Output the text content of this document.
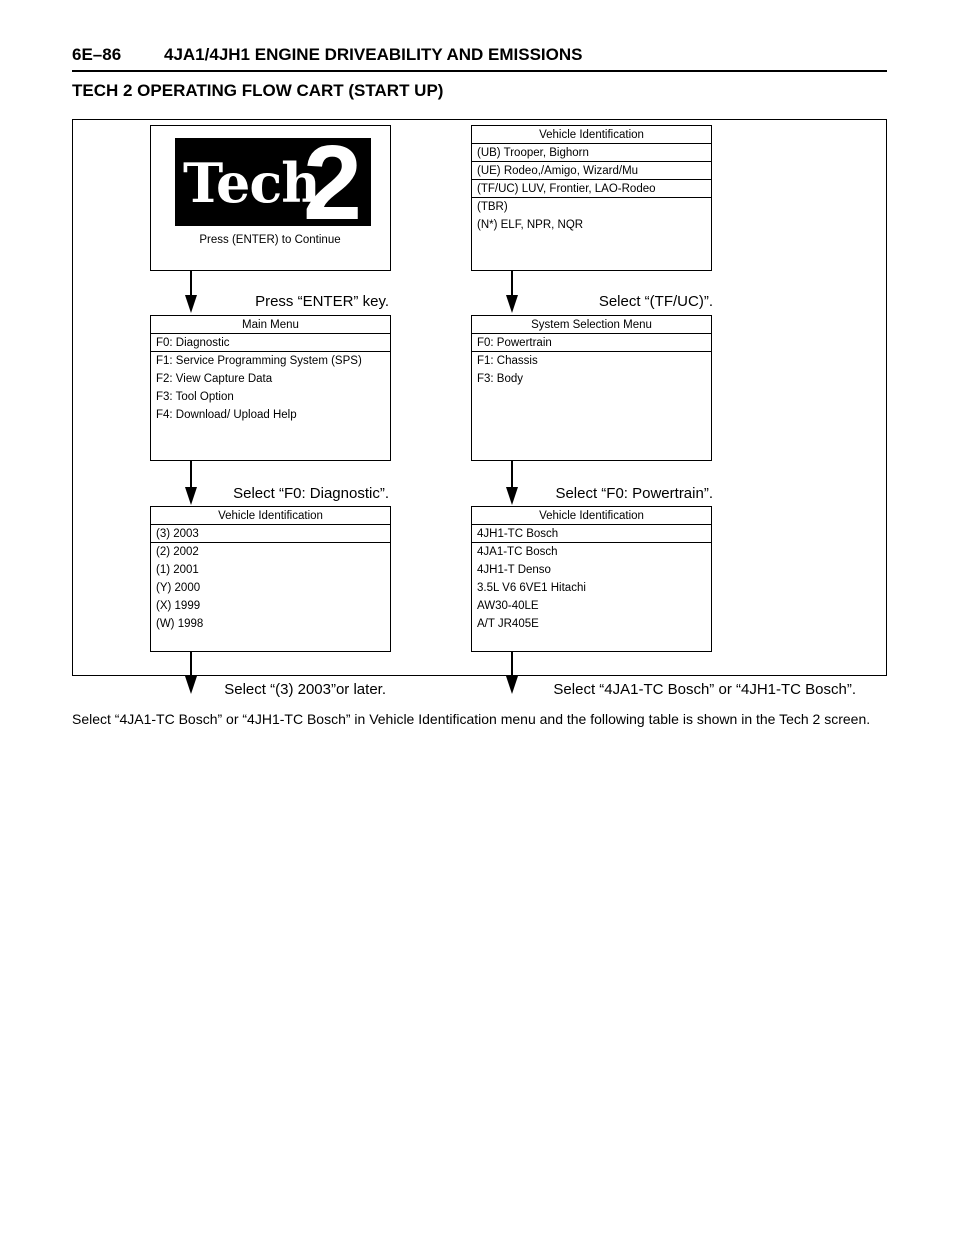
6E–86	4JA1/4JH1 ENGINE DRIVEABILITY AND EMISSIONS
TECH 2 OPERATING FLOW CART (START UP)
Tech
2
Press (ENTER) to Continue
Vehicle Identification
(UB) Trooper, Bighorn
(UE) Rodeo,/Amigo, Wizard/Mu
(TF/UC) LUV, Frontier, LAO-Rodeo
(TBR)
(N*) ELF, NPR, NQR
Press “ENTER” key.	Select “(TF/UC)”.
Main Menu
F0: Diagnostic
F1: Service Programming System (SPS)
F2: View Capture Data
F3: Tool Option
F4: Download/ Upload Help
System Selection Menu
F0: Powertrain
F1: Chassis
F3: Body
Select “F0: Diagnostic”.	Select “F0: Powertrain”.
Vehicle Identification
(3) 2003
(2) 2002
(1) 2001
(Y) 2000
(X) 1999
(W) 1998
Vehicle Identification
4JH1-TC Bosch
4JA1-TC Bosch
4JH1-T Denso
3.5L V6 6VE1 Hitachi
AW30-40LE
A/T JR405E
Select “(3) 2003”or later.	Select “4JA1-TC Bosch” or “4JH1-TC Bosch”.
Select “4JA1-TC Bosch” or “4JH1-TC Bosch” in Vehicle Identification menu and the following table is shown in the Tech 2 screen.
